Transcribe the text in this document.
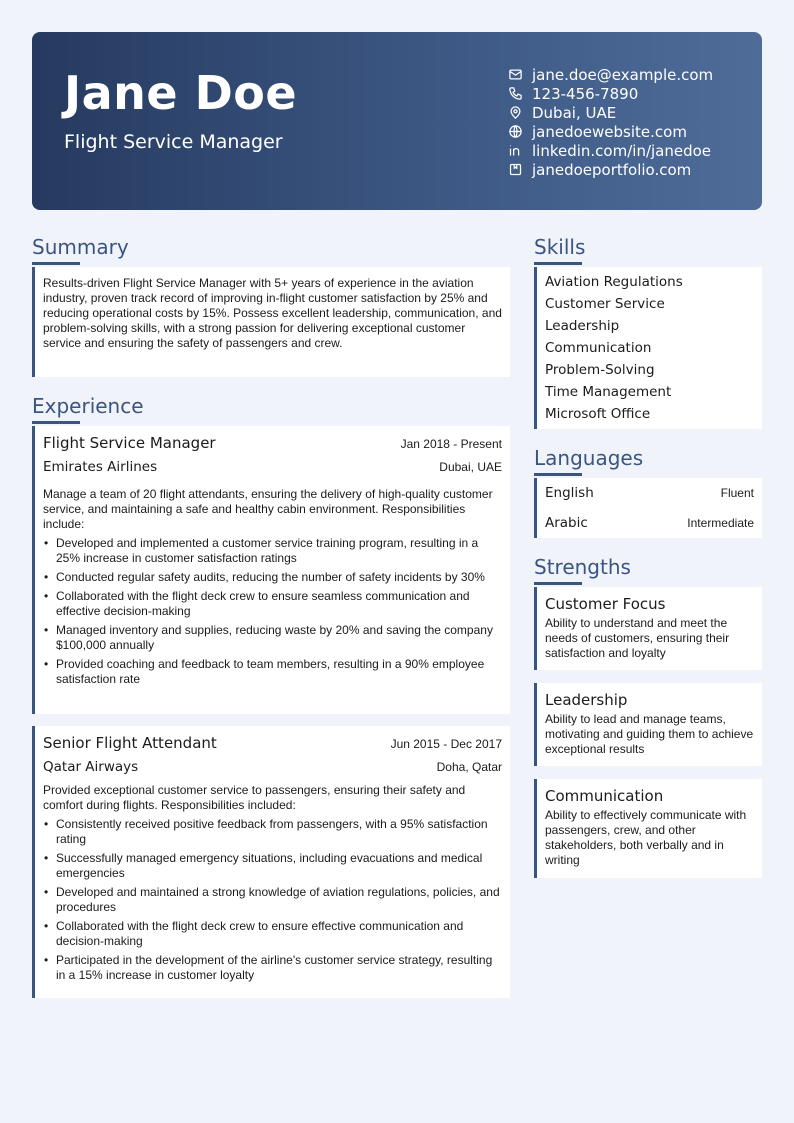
Jane Doe
Flight Service Manager
jane.doe@example.com
123-456-7890
Dubai, UAE
janedoewebsite.com
linkedin.com/in/janedoe
janedoeportfolio.com
Summary

Results-driven Flight Service Manager with 5+ years of experience in the aviation industry, proven track record of improving in-flight customer satisfaction by 25% and reducing operational costs by 15%. Possess excellent leadership, communication, and problem-solving skills, with a strong passion for delivering exceptional customer service and ensuring the safety of passengers and crew.

Experience
Flight Service Manager	Jan 2018 - Present
Emirates Airlines	Dubai, UAE

Manage a team of 20 flight attendants, ensuring the delivery of high-quality customer service, and maintaining a safe and healthy cabin environment. Responsibilities include:

• Developed and implemented a customer service training program, resulting in a 25% increase in customer satisfaction ratings
• Conducted regular safety audits, reducing the number of safety incidents by 30%
• Collaborated with the flight deck crew to ensure seamless communication and effective decision-making
• Managed inventory and supplies, reducing waste by 20% and saving the company $100,000 annually
• Provided coaching and feedback to team members, resulting in a 90% employee satisfaction rate
Senior Flight Attendant	Jun 2015 - Dec 2017
Qatar Airways	Doha, Qatar

Provided exceptional customer service to passengers, ensuring their safety and comfort during flights. Responsibilities included:

• Consistently received positive feedback from passengers, with a 95% satisfaction rating
• Successfully managed emergency situations, including evacuations and medical emergencies
• Developed and maintained a strong knowledge of aviation regulations, policies, and procedures
• Collaborated with the flight deck crew to ensure effective communication and decision-making
• Participated in the development of the airline's customer service strategy, resulting in a 15% increase in customer loyalty
Skills
Aviation Regulations
Customer Service
Leadership
Communication
Problem-Solving
Time Management
Microsoft Office
Languages
English	Fluent
Arabic	Intermediate
Strengths
Customer Focus

Ability to understand and meet the needs of customers, ensuring their satisfaction and loyalty

Leadership

Ability to lead and manage teams, motivating and guiding them to achieve exceptional results

Communication

Ability to effectively communicate with passengers, crew, and other stakeholders, both verbally and in writing
